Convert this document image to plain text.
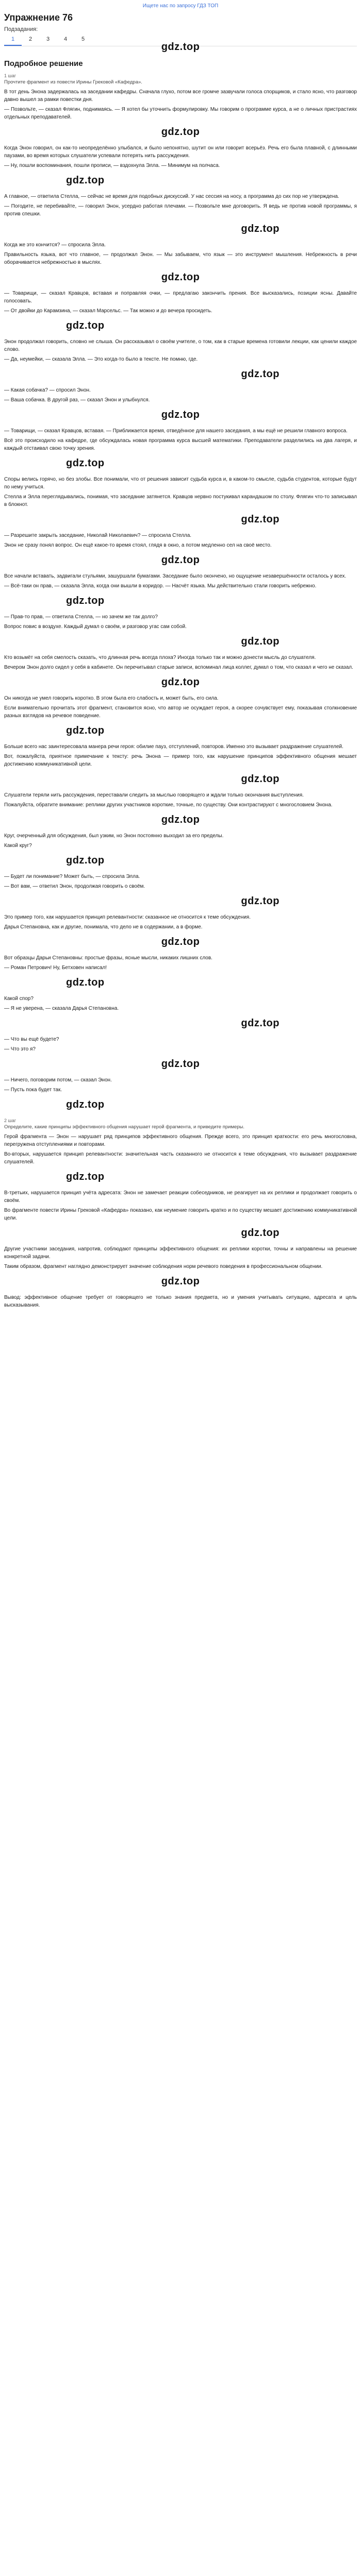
Ищете нас по запросу ГДЗ ТОП
Упражнение 76
Подзадания:
1	2	3	4	5
gdz.top
Подробное решение
1 шаг
Прочтите фрагмент из повести Ирины Грековой «Кафедра».

В тот день Энона задержалась на заседании кафедры. Сначала глухо, потом все громче зазвучали голоса спорщиков, и стало ясно, что разговор давно вышел за рамки повестки дня.

— Позвольте, — сказал Флягин, поднимаясь. — Я хотел бы уточнить формулировку. Мы говорим о программе курса, а не о личных пристрастиях отдельных преподавателей.

gdz.top

Когда Энон говорил, он как-то неопределённо улыбался, и было непонятно, шутит он или говорит всерьёз. Речь его была плавной, с длинными паузами, во время которых слушатели успевали потерять нить рассуждения.

— Ну, пошли воспоминания, пошли прописи, — вздохнула Элла. — Минимум на полчаса.

gdz.top

А главное, — ответила Стелла, — сейчас не время для подобных дискуссий. У нас сессия на носу, а программа до сих пор не утверждена.

— Погодите, не перебивайте, — говорил Энон, усердно работая плечами. — Позвольте мне договорить. Я ведь не против новой программы, я против спешки.

gdz.top

Когда же это кончится? — спросила Элла.

Правильность языка, вот что главное, — продолжал Энон. — Мы забываем, что язык — это инструмент мышления. Небрежность в речи оборачивается небрежностью в мыслях.

gdz.top

— Товарищи, — сказал Кравцов, вставая и поправляя очки, — предлагаю закончить прения. Все высказались, позиции ясны. Давайте голосовать.

— От двойки до Карамзина, — сказал Марсельс. — Так можно и до вечера просидеть.

gdz.top

Энон продолжал говорить, словно не слыша. Он рассказывал о своём учителе, о том, как в старые времена готовили лекции, как ценили каждое слово.

— Да, неумейки, — сказала Элла. — Это когда-то было в тексте. Не помню, где.

gdz.top

— Какая собачка? — спросил Энон.

— Ваша собачка. В другой раз, — сказал Энон и улыбнулся.

gdz.top

— Товарищи, — сказал Кравцов, вставая. — Приближается время, отведённое для нашего заседания, а мы ещё не решили главного вопроса.

Всё это происходило на кафедре, где обсуждалась новая программа курса высшей математики. Преподаватели разделились на два лагеря, и каждый отстаивал свою точку зрения.

gdz.top

Споры велись горячо, но без злобы. Все понимали, что от решения зависит судьба курса и, в каком-то смысле, судьба студентов, которые будут по нему учиться.

Стелла и Элла переглядывались, понимая, что заседание затянется. Кравцов нервно постукивал карандашом по столу. Флягин что-то записывал в блокнот.

gdz.top

— Разрешите закрыть заседание, Николай Николаевич? — спросила Стелла.

Энон не сразу понял вопрос. Он ещё какое-то время стоял, глядя в окно, а потом медленно сел на своё место.

gdz.top

Все начали вставать, задвигали стульями, зашуршали бумагами. Заседание было окончено, но ощущение незавершённости осталось у всех.

— Всё-таки он прав, — сказала Элла, когда они вышли в коридор. — Насчёт языка. Мы действительно стали говорить небрежно.

gdz.top

— Прав-то прав, — ответила Стелла, — но зачем же так долго?

Вопрос повис в воздухе. Каждый думал о своём, и разговор угас сам собой.

gdz.top

Кто возьмёт на себя смелость сказать, что длинная речь всегда плоха? Иногда только так и можно донести мысль до слушателя.

Вечером Энон долго сидел у себя в кабинете. Он перечитывал старые записи, вспоминал лица коллег, думал о том, что сказал и чего не сказал.

gdz.top

Он никогда не умел говорить коротко. В этом была его слабость и, может быть, его сила.

Если внимательно прочитать этот фрагмент, становится ясно, что автор не осуждает героя, а скорее сочувствует ему, показывая столкновение разных взглядов на речевое поведение.

gdz.top

Больше всего нас заинтересовала манера речи героя: обилие пауз, отступлений, повторов. Именно это вызывает раздражение слушателей.

Вот, пожалуйста, приятное примечание к тексту: речь Энона — пример того, как нарушение принципов эффективного общения мешает достижению коммуникативной цели.

gdz.top

Слушатели теряли нить рассуждения, переставали следить за мыслью говорящего и ждали только окончания выступления.

Пожалуйста, обратите внимание: реплики других участников короткие, точные, по существу. Они контрастируют с многословием Энона.

gdz.top

Круг, очерченный для обсуждения, был узким, но Энон постоянно выходил за его пределы.

Какой круг?

gdz.top

— Будет ли понимание? Может быть, — спросила Элла.

— Вот вам, — ответил Энон, продолжая говорить о своём.

gdz.top

Это пример того, как нарушается принцип релевантности: сказанное не относится к теме обсуждения.

Дарья Степановна, как и другие, понимала, что дело не в содержании, а в форме.

gdz.top

Вот образцы Дарьи Степановны: простые фразы, ясные мысли, никаких лишних слов.

— Роман Петрович! Ну, Бетховен написал!

gdz.top

Какой спор?

— Я не уверена, — сказала Дарья Степановна.

gdz.top

— Что вы ещё будете?

— Что это я?

gdz.top

— Ничего, поговорим потом, — сказал Энон.

— Пусть пока будет так.

gdz.top
2 шаг
Определите, какие принципы эффективного общения нарушает герой фрагмента, и приведите примеры.

Герой фрагмента — Энон — нарушает ряд принципов эффективного общения. Прежде всего, это принцип краткости: его речь многословна, перегружена отступлениями и повторами.

Во-вторых, нарушается принцип релевантности: значительная часть сказанного не относится к теме обсуждения, что вызывает раздражение слушателей.

gdz.top

В-третьих, нарушается принцип учёта адресата: Энон не замечает реакции собеседников, не реагирует на их реплики и продолжает говорить о своём.

Во фрагменте повести Ирины Грековой «Кафедра» показано, как неумение говорить кратко и по существу мешает достижению коммуникативной цели.

gdz.top

Другие участники заседания, напротив, соблюдают принципы эффективного общения: их реплики коротки, точны и направлены на решение конкретной задачи.

Таким образом, фрагмент наглядно демонстрирует значение соблюдения норм речевого поведения в профессиональном общении.

gdz.top

Вывод: эффективное общение требует от говорящего не только знания предмета, но и умения учитывать ситуацию, адресата и цель высказывания.
